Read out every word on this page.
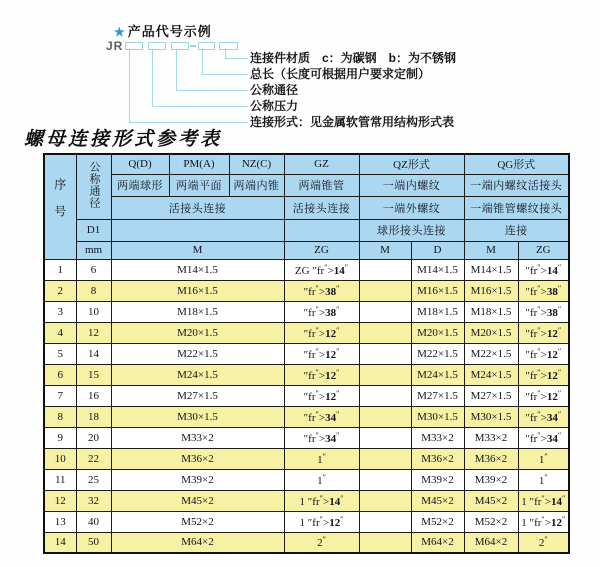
★ 产品代号示例
JR
连接件材质　c：为碳钢　b：为不锈钢
总长（长度可根据用户要求定制）
公称通径
公称压力
连接形式：见金属软管常用结构形式表
螺母连接形式参考表
序号	公称通径	Q(D)	PM(A)	NZ(C)	GZ	QZ形式		QG形式	
		两端球形	两端平面	两端内锥	两端锥管	一端内螺纹		一端内螺纹活接头	
		活接头连接			活接头连接	一端外螺纹		一端锥管螺纹接头	
	D1					球形接头连接		连接	
	mm	M			ZG	M	D	M	ZG
1	6	M14×1.5			ZG ″fr″>14″		M14×1.5	M14×1.5	″fr″>14″
2	8	M16×1.5			″fr″>38″		M16×1.5	M16×1.5	″fr″>38″
3	10	M18×1.5			″fr″>38″		M18×1.5	M18×1.5	″fr″>38″
4	12	M20×1.5			″fr″>12″		M20×1.5	M20×1.5	″fr″>12″
5	14	M22×1.5			″fr″>12″		M22×1.5	M22×1.5	″fr″>12″
6	15	M24×1.5			″fr″>12″		M24×1.5	M24×1.5	″fr″>12″
7	16	M27×1.5			″fr″>12″		M27×1.5	M27×1.5	″fr″>12″
8	18	M30×1.5			″fr″>34″		M30×1.5	M30×1.5	″fr″>34″
9	20	M33×2			″fr″>34″		M33×2	M33×2	″fr″>34″
10	22	M36×2			1″		M36×2	M36×2	1″
11	25	M39×2			1″		M39×2	M39×2	1″
12	32	M45×2			1 ″fr″>14″		M45×2	M45×2	1 ″fr″>14″
13	40	M52×2			1 ″fr″>12″		M52×2	M52×2	1 ″fr″>12″
14	50	M64×2			2″		M64×2	M64×2	2″
